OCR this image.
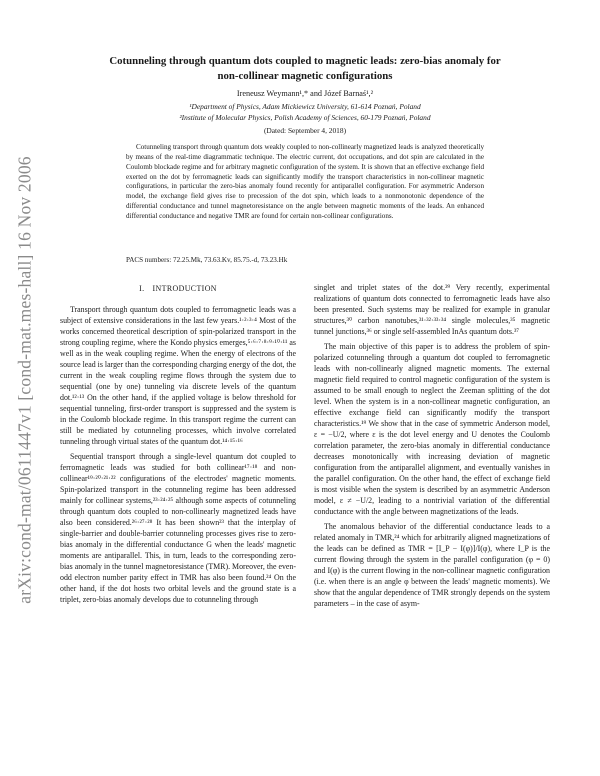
arXiv:cond-mat/0611447v1 [cond-mat.mes-hall] 16 Nov 2006
Cotunneling through quantum dots coupled to magnetic leads: zero-bias anomaly for
non-collinear magnetic configurations
Ireneusz Weymann¹,* and Józef Barnaś¹,²
¹Department of Physics, Adam Mickiewicz University, 61-614 Poznań, Poland
²Institute of Molecular Physics, Polish Academy of Sciences, 60-179 Poznań, Poland
(Dated: September 4, 2018)
Cotunneling transport through quantum dots weakly coupled to non-collinearly magnetized leads is analyzed theoretically by means of the real-time diagrammatic technique. The electric current, dot occupations, and dot spin are calculated in the Coulomb blockade regime and for arbitrary magnetic configuration of the system. It is shown that an effective exchange field exerted on the dot by ferromagnetic leads can significantly modify the transport characteristics in non-collinear magnetic configurations, in particular the zero-bias anomaly found recently for antiparallel configuration. For asymmetric Anderson model, the exchange field gives rise to precession of the dot spin, which leads to a nonmonotonic dependence of the differential conductance and tunnel magnetoresistance on the angle between magnetic moments of the leads. An enhanced differential conductance and negative TMR are found for certain non-collinear configurations.
PACS numbers: 72.25.Mk, 73.63.Kv, 85.75.-d, 73.23.Hk
I. INTRODUCTION

Transport through quantum dots coupled to ferromagnetic leads was a subject of extensive considerations in the last few years.¹·²·³·⁴ Most of the works concerned theoretical description of spin-polarized transport in the strong coupling regime, where the Kondo physics emerges,⁵·⁶·⁷·⁸·⁹·¹⁰·¹¹ as well as in the weak coupling regime. When the energy of electrons of the source lead is larger than the corresponding charging energy of the dot, the current in the weak coupling regime flows through the system due to sequential (one by one) tunneling via discrete levels of the quantum dot.¹²·¹³ On the other hand, if the applied voltage is below threshold for sequential tunneling, first-order transport is suppressed and the system is in the Coulomb blockade regime. In this transport regime the current can still be mediated by cotunneling processes, which involve correlated tunneling through virtual states of the quantum dot.¹⁴·¹⁵·¹⁶

Sequential transport through a single-level quantum dot coupled to ferromagnetic leads was studied for both collinear¹⁷·¹⁸ and non-collinear¹⁹·²⁰·²¹·²² configurations of the electrodes' magnetic moments. Spin-polarized transport in the cotunneling regime has been addressed mainly for collinear systems,²³·²⁴·²⁵ although some aspects of cotunneling through quantum dots coupled to non-collinearly magnetized leads have also been considered.²⁶·²⁷·²⁸ It has been shown²³ that the interplay of single-barrier and double-barrier cotunneling processes gives rise to zero-bias anomaly in the differential conductance G when the leads' magnetic moments are antiparallel. This, in turn, leads to the corresponding zero-bias anomaly in the tunnel magnetoresistance (TMR). Moreover, the even-odd electron number parity effect in TMR has also been found.²⁴ On the other hand, if the dot hosts two orbital levels and the ground state is a triplet, zero-bias anomaly develops due to cotunneling through

singlet and triplet states of the dot.²⁹ Very recently, experimental realizations of quantum dots connected to ferromagnetic leads have also been presented. Such systems may be realized for example in granular structures,³⁰ carbon nanotubes,³¹·³²·³³·³⁴ single molecules,³⁵ magnetic tunnel junctions,³⁶ or single self-assembled InAs quantum dots.³⁷

The main objective of this paper is to address the problem of spin-polarized cotunneling through a quantum dot coupled to ferromagnetic leads with non-collinearly aligned magnetic moments. The external magnetic field required to control magnetic configuration of the system is assumed to be small enough to neglect the Zeeman splitting of the dot level. When the system is in a non-collinear magnetic configuration, an effective exchange field can significantly modify the transport characteristics.¹⁹ We show that in the case of symmetric Anderson model, ε = −U/2, where ε is the dot level energy and U denotes the Coulomb correlation parameter, the zero-bias anomaly in differential conductance decreases monotonically with increasing deviation of magnetic configuration from the antiparallel alignment, and eventually vanishes in the parallel configuration. On the other hand, the effect of exchange field is most visible when the system is described by an asymmetric Anderson model, ε ≠ −U/2, leading to a nontrivial variation of the differential conductance with the angle between magnetizations of the leads.

The anomalous behavior of the differential conductance leads to a related anomaly in TMR,²⁴ which for arbitrarily aligned magnetizations of the leads can be defined as TMR = [I_P − I(φ)]/I(φ), where I_P is the current flowing through the system in the parallel configuration (φ = 0) and I(φ) is the current flowing in the non-collinear magnetic configuration (i.e. when there is an angle φ between the leads' magnetic moments). We show that the angular dependence of TMR strongly depends on the system parameters – in the case of asym-
